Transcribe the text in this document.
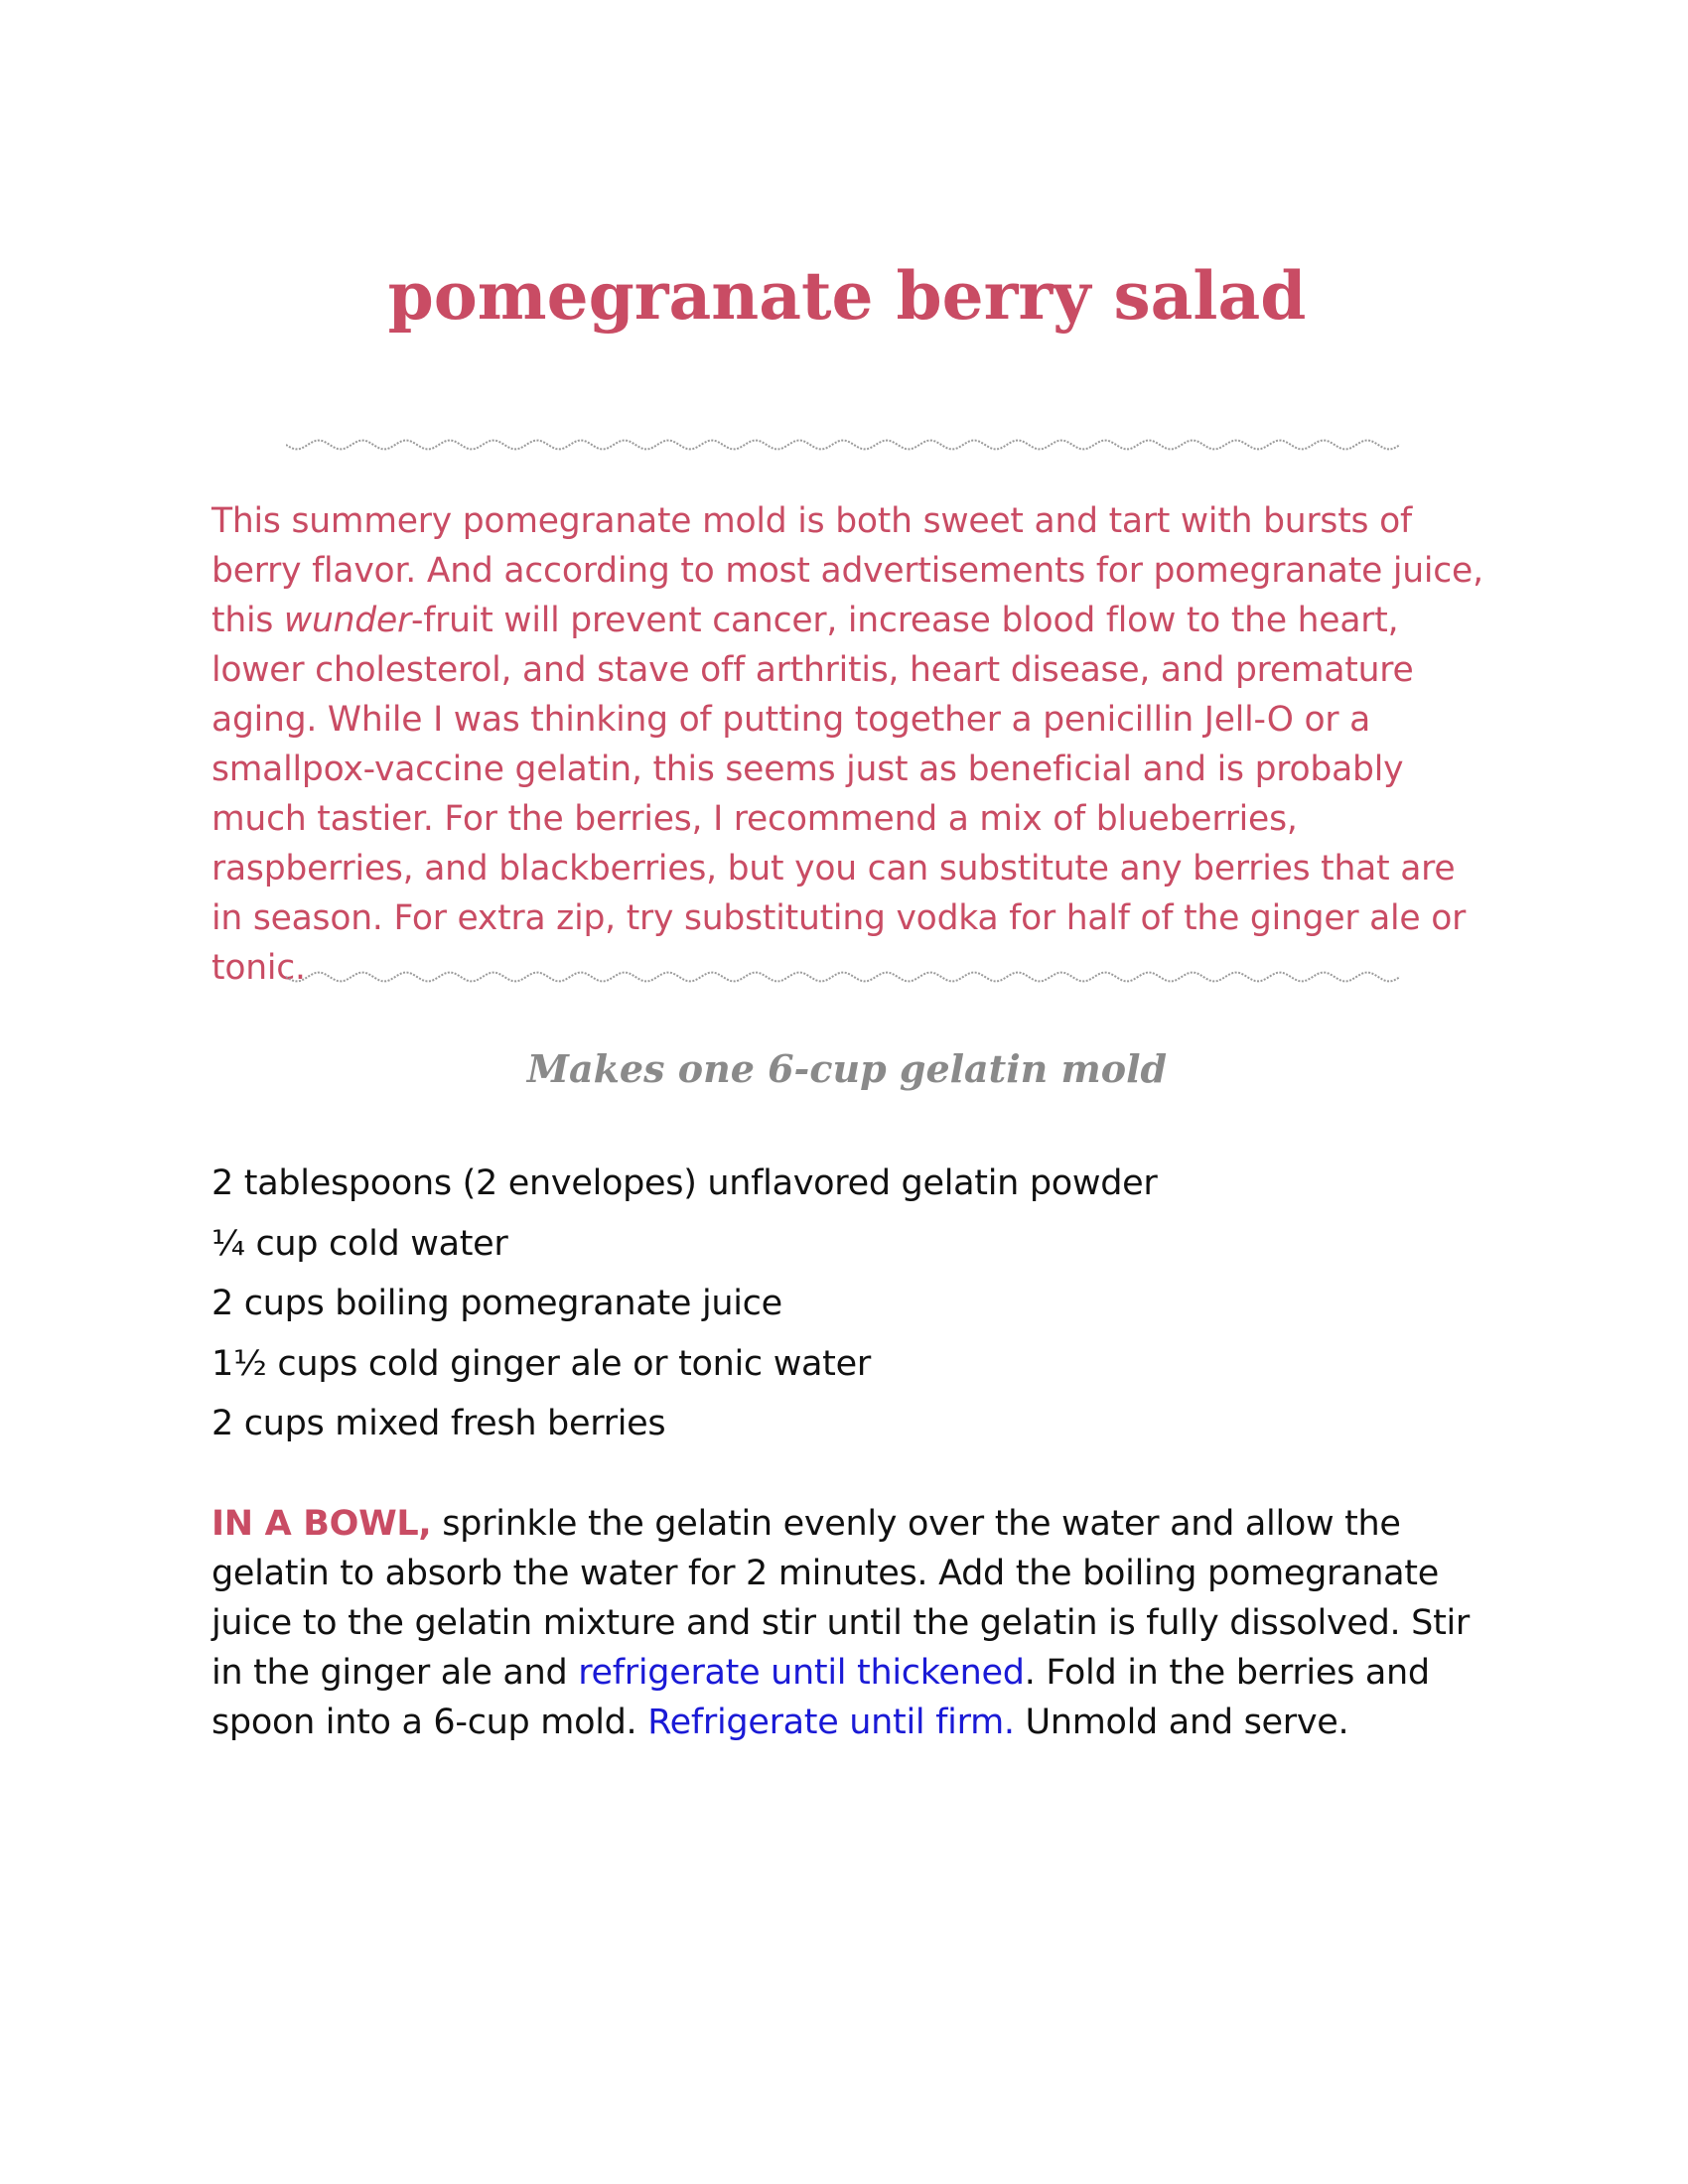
pomegranate berry salad

This summery pomegranate mold is both sweet and tart with bursts of berry flavor. And according to most advertisements for pomegranate juice, this wunder-fruit will prevent cancer, increase blood flow to the heart, lower cholesterol, and stave off arthritis, heart disease, and premature aging. While I was thinking of putting together a penicillin Jell-O or a smallpox-vaccine gelatin, this seems just as beneficial and is probably much tastier. For the berries, I recommend a mix of blueberries, raspberries, and blackberries, but you can substitute any berries that are in season. For extra zip, try substituting vodka for half of the ginger ale or tonic.

Makes one 6-cup gelatin mold

2 tablespoons (2 envelopes) unflavored gelatin powder
¼ cup cold water
2 cups boiling pomegranate juice
1½ cups cold ginger ale or tonic water
2 cups mixed fresh berries

IN A BOWL, sprinkle the gelatin evenly over the water and allow the gelatin to absorb the water for 2 minutes. Add the boiling pomegranate juice to the gelatin mixture and stir until the gelatin is fully dissolved. Stir in the ginger ale and refrigerate until thickened. Fold in the berries and spoon into a 6-cup mold. Refrigerate until firm. Unmold and serve.
